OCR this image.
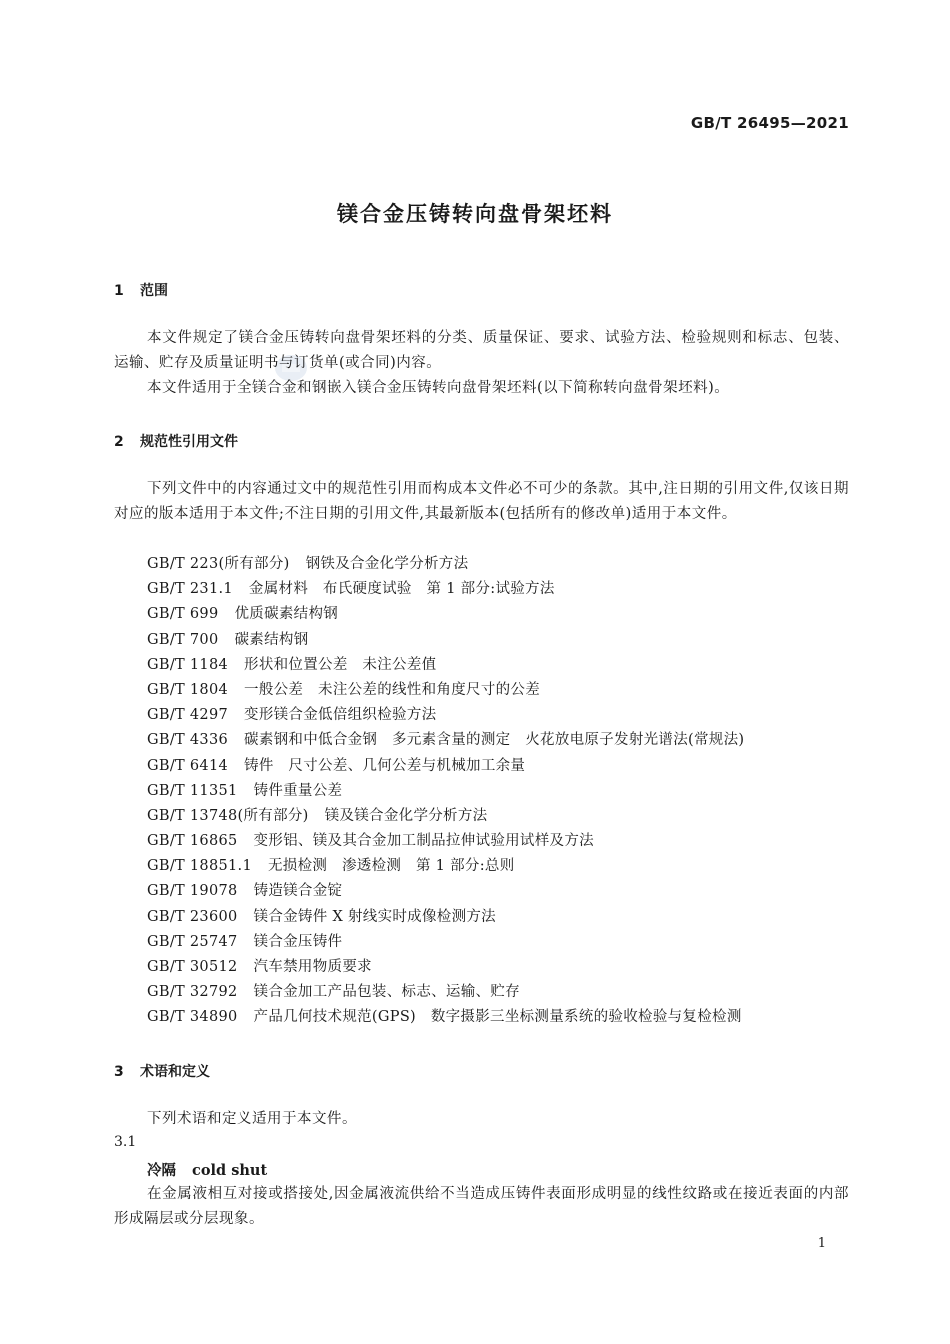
GB/T 26495—2021
镁合金压铸转向盘骨架坯料
1 范围
本文件规定了镁合金压铸转向盘骨架坯料的分类、质量保证、要求、试验方法、检验规则和标志、包装、运输、贮存及质量证明书与订货单(或合同)内容。
本文件适用于全镁合金和钢嵌入镁合金压铸转向盘骨架坯料(以下简称转向盘骨架坯料)。
2 规范性引用文件
下列文件中的内容通过文中的规范性引用而构成本文件必不可少的条款。其中,注日期的引用文件,仅该日期对应的版本适用于本文件;不注日期的引用文件,其最新版本(包括所有的修改单)适用于本文件。
GB/T 223(所有部分) 钢铁及合金化学分析方法
GB/T 231.1 金属材料　布氏硬度试验　第 1 部分:试验方法
GB/T 699 优质碳素结构钢
GB/T 700 碳素结构钢
GB/T 1184 形状和位置公差　未注公差值
GB/T 1804 一般公差　未注公差的线性和角度尺寸的公差
GB/T 4297 变形镁合金低倍组织检验方法
GB/T 4336 碳素钢和中低合金钢　多元素含量的测定　火花放电原子发射光谱法(常规法)
GB/T 6414 铸件　尺寸公差、几何公差与机械加工余量
GB/T 11351 铸件重量公差
GB/T 13748(所有部分) 镁及镁合金化学分析方法
GB/T 16865 变形铝、镁及其合金加工制品拉伸试验用试样及方法
GB/T 18851.1 无损检测　渗透检测　第 1 部分:总则
GB/T 19078 铸造镁合金锭
GB/T 23600 镁合金铸件 X 射线实时成像检测方法
GB/T 25747 镁合金压铸件
GB/T 30512 汽车禁用物质要求
GB/T 32792 镁合金加工产品包装、标志、运输、贮存
GB/T 34890 产品几何技术规范(GPS)　数字摄影三坐标测量系统的验收检验与复检检测
3 术语和定义
下列术语和定义适用于本文件。
3.1
冷隔 cold shut
在金属液相互对接或搭接处,因金属液流供给不当造成压铸件表面形成明显的线性纹路或在接近表面的内部形成隔层或分层现象。
1
